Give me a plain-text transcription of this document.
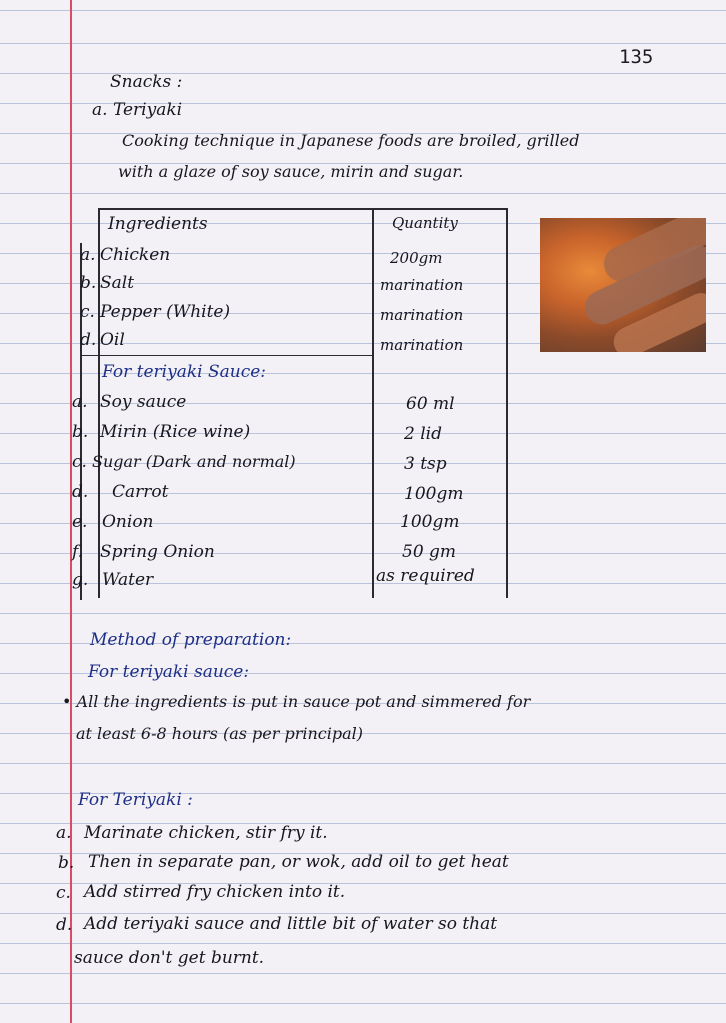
135
Snacks :
a. Teriyaki
Cooking technique in Japanese foods are broiled, grilled
with a glaze of soy sauce, mirin and sugar.
Ingredients	Quantity
a. Chicken	200gm
b. Salt	marination
c. Pepper (White)	marination
d. Oil	marination
For teriyaki Sauce:
a. Soy sauce	60 ml
b. Mirin (Rice wine)	2 lid
c. Sugar (Dark and normal)	3 tsp
d. Carrot	100gm
e. Onion	100gm
f. Spring Onion	50 gm
g. Water	as required
Method of preparation:
For teriyaki sauce:
• All the ingredients is put in sauce pot and simmered for
at least 6-8 hours (as per principal)
For Teriyaki :
a. Marinate chicken, stir fry it.
b. Then in separate pan, or wok, add oil to get heat
c. Add stirred fry chicken into it.
d. Add teriyaki sauce and little bit of water so that
sauce don't get burnt.
